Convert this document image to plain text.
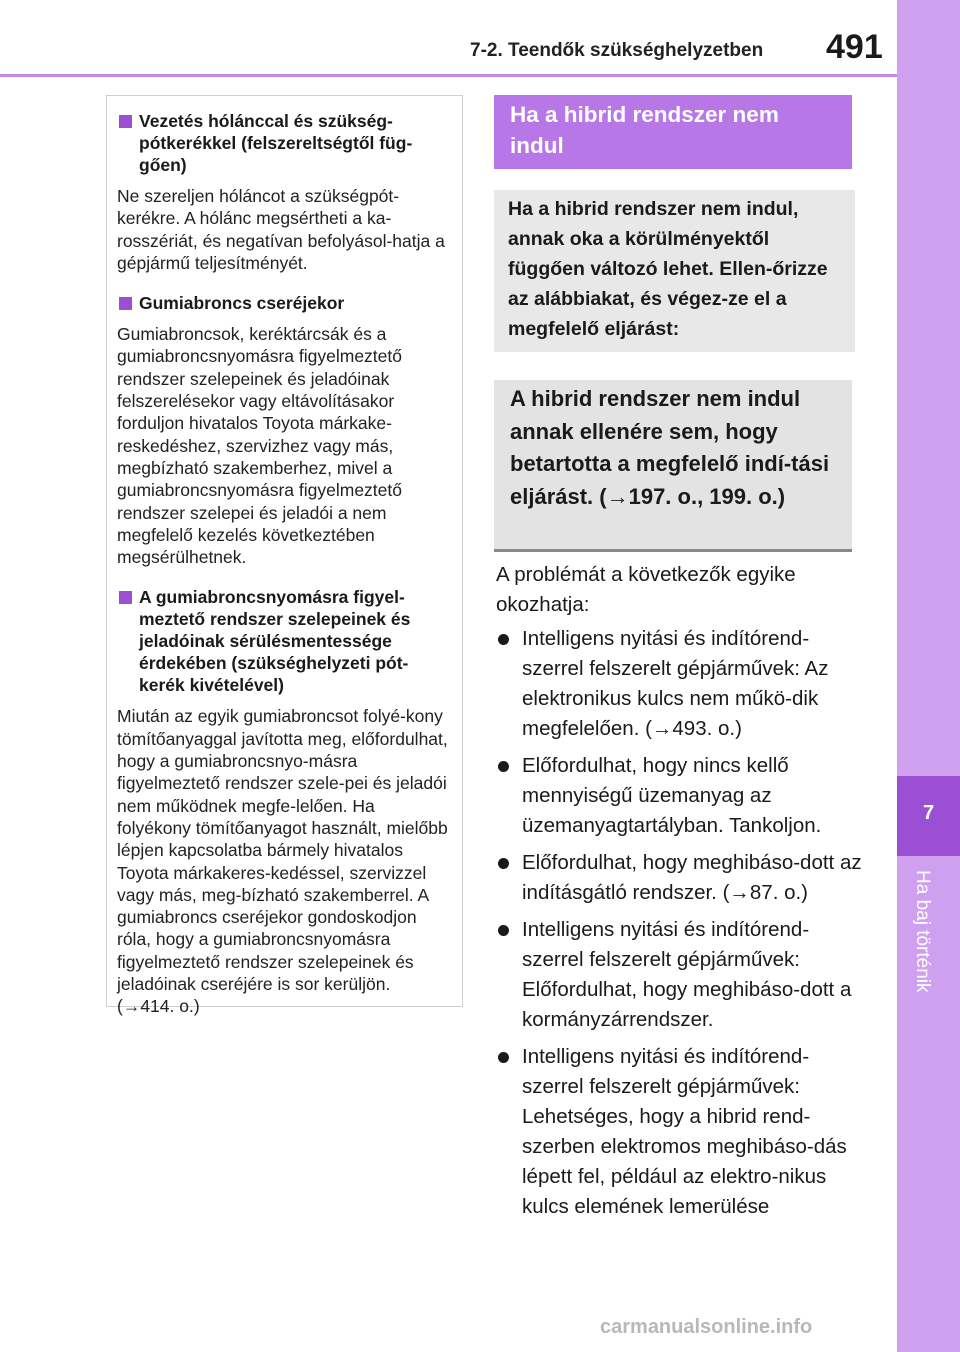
7-2. Teendők szükséghelyzetben 491
7
Ha baj történik
Vezetés hólánccal és szükség-pótkerékkel (felszereltségtől füg-gően)
Ne szereljen hóláncot a szükségpót-kerékre. A hólánc megsértheti a ka-rosszériát, és negatívan befolyásol-hatja a gépjármű teljesítményét.
Gumiabroncs cseréjekor
Gumiabroncsok, keréktárcsák és a gumiabroncsnyomásra figyelmeztető rendszer szelepeinek és jeladóinak felszerelésekor vagy eltávolításakor forduljon hivatalos Toyota márkake-reskedéshez, szervizhez vagy más, megbízható szakemberhez, mivel a gumiabroncsnyomásra figyelmeztető rendszer szelepei és jeladói a nem megfelelő kezelés következtében megsérülhetnek.
A gumiabroncsnyomásra figyel-meztető rendszer szelepeinek és jeladóinak sérülésmentessége érdekében (szükséghelyzeti pót-kerék kivételével)
Miután az egyik gumiabroncsot folyé-kony tömítőanyaggal javította meg, előfordulhat, hogy a gumiabroncsnyo-másra figyelmeztető rendszer szele-pei és jeladói nem működnek megfe-lelően. Ha folyékony tömítőanyagot használt, mielőbb lépjen kapcsolatba bármely hivatalos Toyota márkakeres-kedéssel, szervizzel vagy más, meg-bízható szakemberrel. A gumiabroncs cseréjekor gondoskodjon róla, hogy a gumiabroncsnyomásra figyelmeztető rendszer szelepeinek és jeladóinak cseréjére is sor kerüljön. (→414. o.)
Ha a hibrid rendszer nem indul
Ha a hibrid rendszer nem indul, annak oka a körülményektől függően változó lehet. Ellen-őrizze az alábbiakat, és végez-ze el a megfelelő eljárást:
A hibrid rendszer nem indul annak ellenére sem, hogy betartotta a megfelelő indí-tási eljárást. (→197. o., 199. o.)
A problémát a következők egyike okozhatja:
Intelligens nyitási és indítórend-szerrel felszerelt gépjárművek: Az elektronikus kulcs nem műkö-dik megfelelően. (→493. o.)
Előfordulhat, hogy nincs kellő mennyiségű üzemanyag az üzemanyagtartályban. Tankoljon.
Előfordulhat, hogy meghibáso-dott az indításgátló rendszer. (→87. o.)
Intelligens nyitási és indítórend-szerrel felszerelt gépjárművek: Előfordulhat, hogy meghibáso-dott a kormányzárrendszer.
Intelligens nyitási és indítórend-szerrel felszerelt gépjárművek: Lehetséges, hogy a hibrid rend-szerben elektromos meghibáso-dás lépett fel, például az elektro-nikus kulcs elemének lemerülése
carmanualsonline.info
